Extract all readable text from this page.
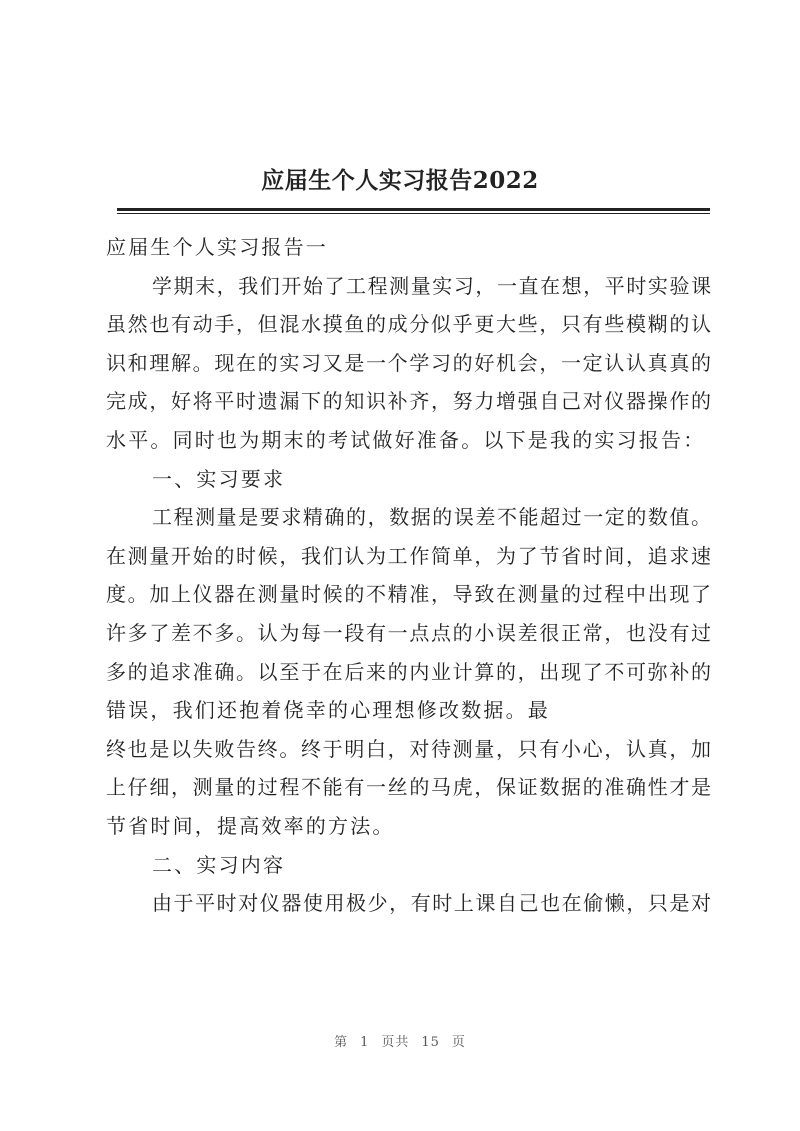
应届生个人实习报告2022
应届生个人实习报告一
学期末，我们开始了工程测量实习，一直在想，平时实验课
虽然也有动手，但混水摸鱼的成分似乎更大些，只有些模糊的认
识和理解。现在的实习又是一个学习的好机会，一定认认真真的
完成，好将平时遗漏下的知识补齐，努力增强自己对仪器操作的
水平。同时也为期末的考试做好准备。以下是我的实习报告：
一、实习要求
工程测量是要求精确的，数据的误差不能超过一定的数值。
在测量开始的时候，我们认为工作简单，为了节省时间，追求速
度。加上仪器在测量时候的不精准，导致在测量的过程中出现了
许多了差不多。认为每一段有一点点的小误差很正常，也没有过
多的追求准确。以至于在后来的内业计算的，出现了不可弥补的
错误，我们还抱着侥幸的心理想修改数据。最
终也是以失败告终。终于明白，对待测量，只有小心，认真，加
上仔细，测量的过程不能有一丝的马虎，保证数据的准确性才是
节省时间，提高效率的方法。
二、实习内容
由于平时对仪器使用极少，有时上课自己也在偷懒，只是对
第 1 页共 15 页
